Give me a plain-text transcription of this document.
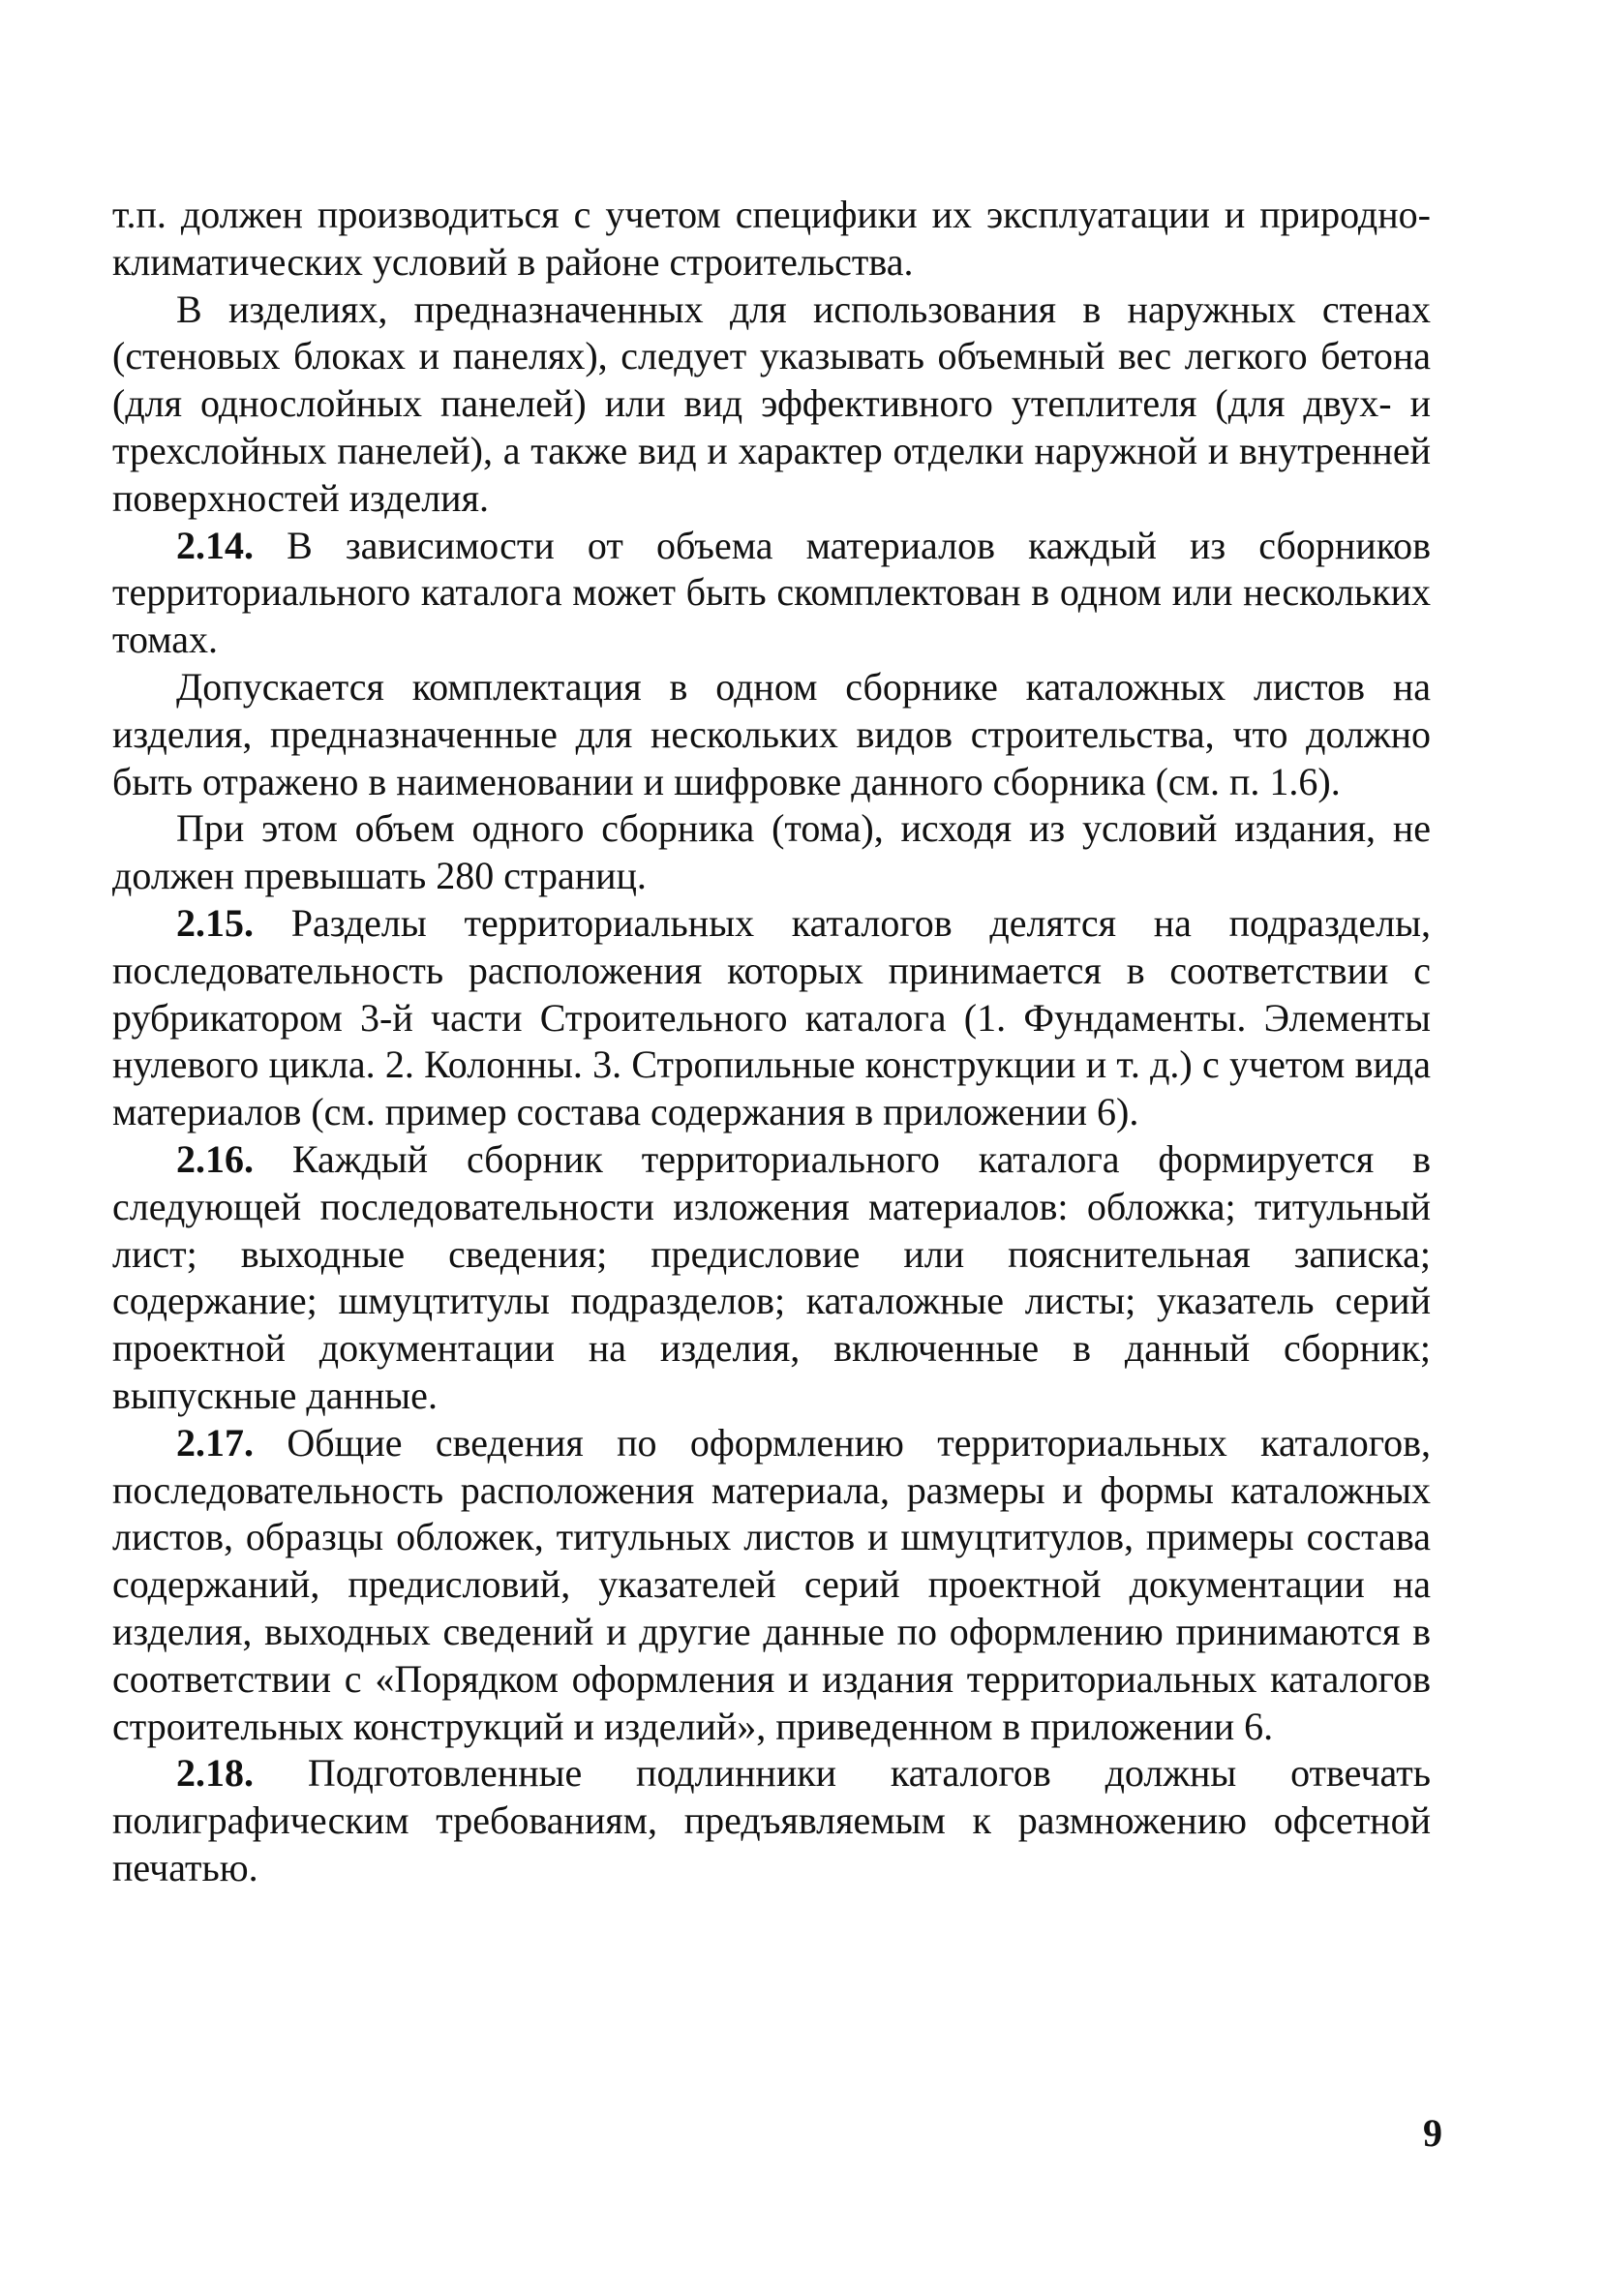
т.п. должен производиться с учетом специфики их эксплуатации и природно-климатических условий в районе строительства.

В изделиях, предназначенных для использования в наружных стенах (стеновых блоках и панелях), следует указывать объемный вес легкого бетона (для однослойных панелей) или вид эффективного утеплителя (для двух- и трехслойных панелей), а также вид и характер отделки наружной и внутренней поверхностей изделия.

2.14. В зависимости от объема материалов каждый из сборников территориального каталога может быть скомплектован в одном или нескольких томах.

Допускается комплектация в одном сборнике каталожных листов на изделия, предназначенные для нескольких видов строительства, что должно быть отражено в наименовании и шифровке данного сборника (см. п. 1.6).

При этом объем одного сборника (тома), исходя из условий издания, не должен превышать 280 страниц.

2.15. Разделы территориальных каталогов делятся на подразделы, последовательность расположения которых принимается в соответствии с рубрикатором 3-й части Строительного каталога (1. Фундаменты. Элементы нулевого цикла. 2. Колонны. 3. Стропильные конструкции и т. д.) с учетом вида материалов (см. пример состава содержания в приложении 6).

2.16. Каждый сборник территориального каталога формируется в следующей последовательности изложения материалов: обложка; титульный лист; выходные сведения; предисловие или пояснительная записка; содержание; шмуцтитулы подразделов; каталожные листы; указатель серий проектной документации на изделия, включенные в данный сборник; выпускные данные.

2.17. Общие сведения по оформлению территориальных каталогов, последовательность расположения материала, размеры и формы каталожных листов, образцы обложек, титульных листов и шмуцтитулов, примеры состава содержаний, предисловий, указателей серий проектной документации на изделия, выходных сведений и другие данные по оформлению принимаются в соответствии с «Порядком оформления и издания территориальных каталогов строительных конструкций и изделий», приведенном в приложении 6.

2.18. Подготовленные подлинники каталогов должны отвечать полиграфическим требованиям, предъявляемым к размножению офсетной печатью.

9
